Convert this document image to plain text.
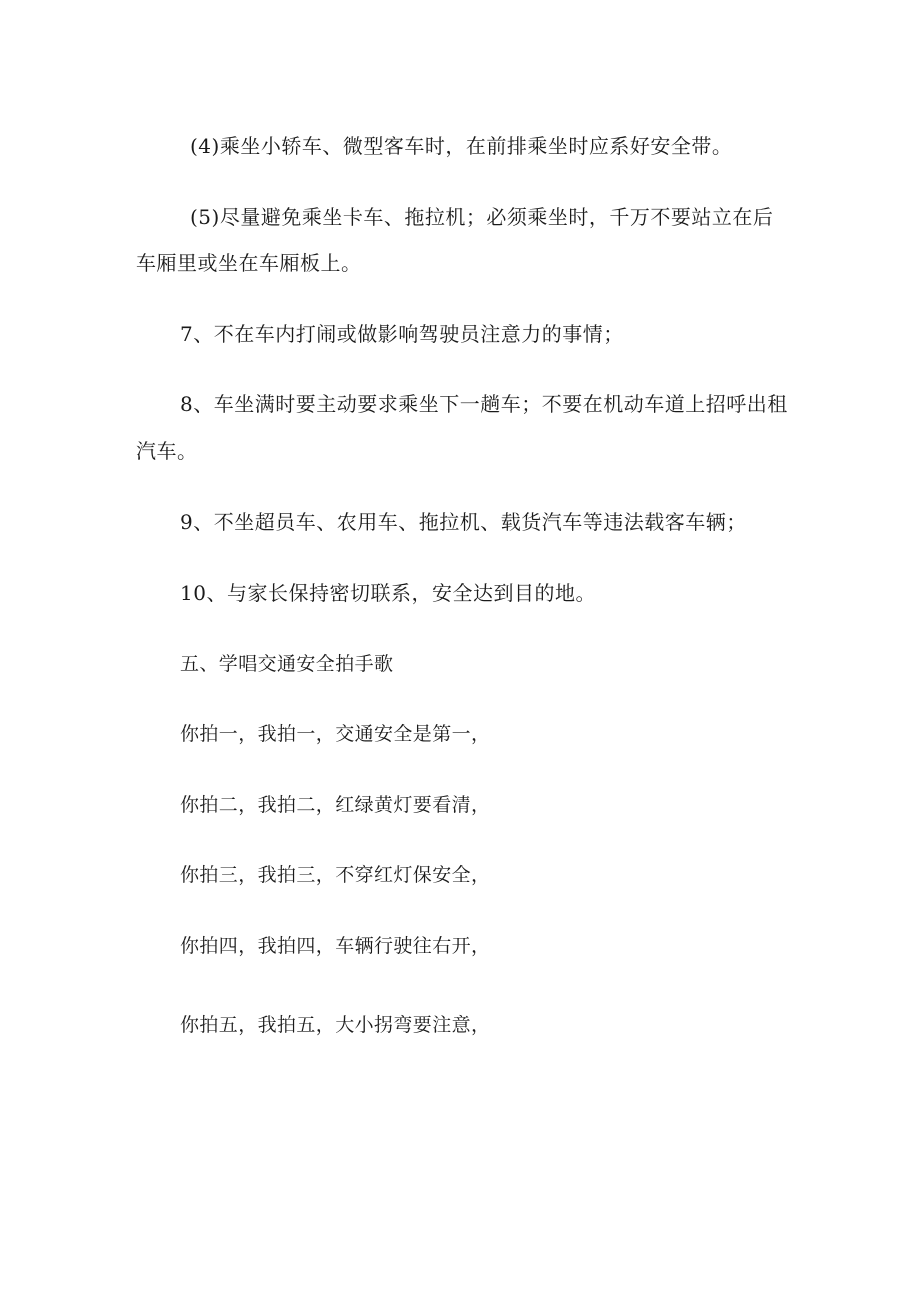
(4)乘坐小轿车、微型客车时，在前排乘坐时应系好安全带。
(5)尽量避免乘坐卡车、拖拉机；必须乘坐时，千万不要站立在后
车厢里或坐在车厢板上。
7、不在车内打闹或做影响驾驶员注意力的事情；
8、车坐满时要主动要求乘坐下一趟车；不要在机动车道上招呼出租
汽车。
9、不坐超员车、农用车、拖拉机、载货汽车等违法载客车辆；
10、与家长保持密切联系，安全达到目的地。
五、学唱交通安全拍手歌
你拍一，我拍一，交通安全是第一，
你拍二，我拍二，红绿黄灯要看清，
你拍三，我拍三，不穿红灯保安全，
你拍四，我拍四，车辆行驶往右开，
你拍五，我拍五，大小拐弯要注意，
